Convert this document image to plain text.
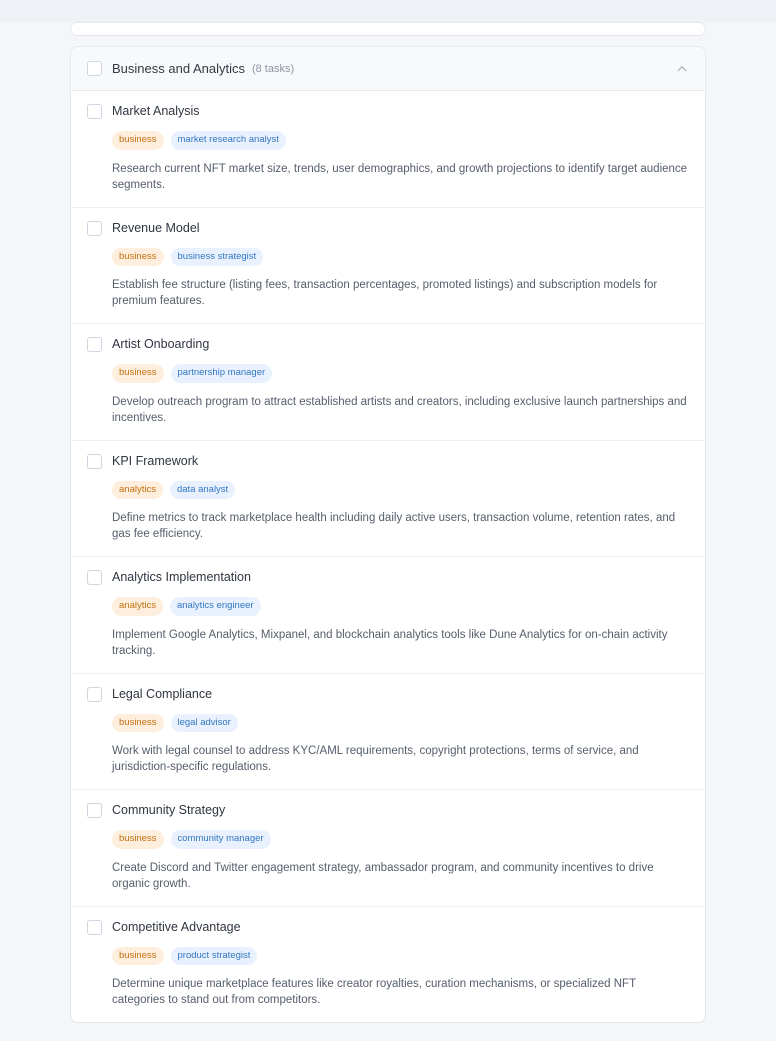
Business and Analytics (8 tasks)
Market Analysis
business	market research analyst
Research current NFT market size, trends, user demographics, and growth projections to identify target audience segments.
Revenue Model
business	business strategist
Establish fee structure (listing fees, transaction percentages, promoted listings) and subscription models for premium features.
Artist Onboarding
business	partnership manager
Develop outreach program to attract established artists and creators, including exclusive launch partnerships and incentives.
KPI Framework
analytics	data analyst
Define metrics to track marketplace health including daily active users, transaction volume, retention rates, and gas fee efficiency.
Analytics Implementation
analytics	analytics engineer
Implement Google Analytics, Mixpanel, and blockchain analytics tools like Dune Analytics for on-chain activity tracking.
Legal Compliance
business	legal advisor
Work with legal counsel to address KYC/AML requirements, copyright protections, terms of service, and jurisdiction-specific regulations.
Community Strategy
business	community manager
Create Discord and Twitter engagement strategy, ambassador program, and community incentives to drive organic growth.
Competitive Advantage
business	product strategist
Determine unique marketplace features like creator royalties, curation mechanisms, or specialized NFT categories to stand out from competitors.
